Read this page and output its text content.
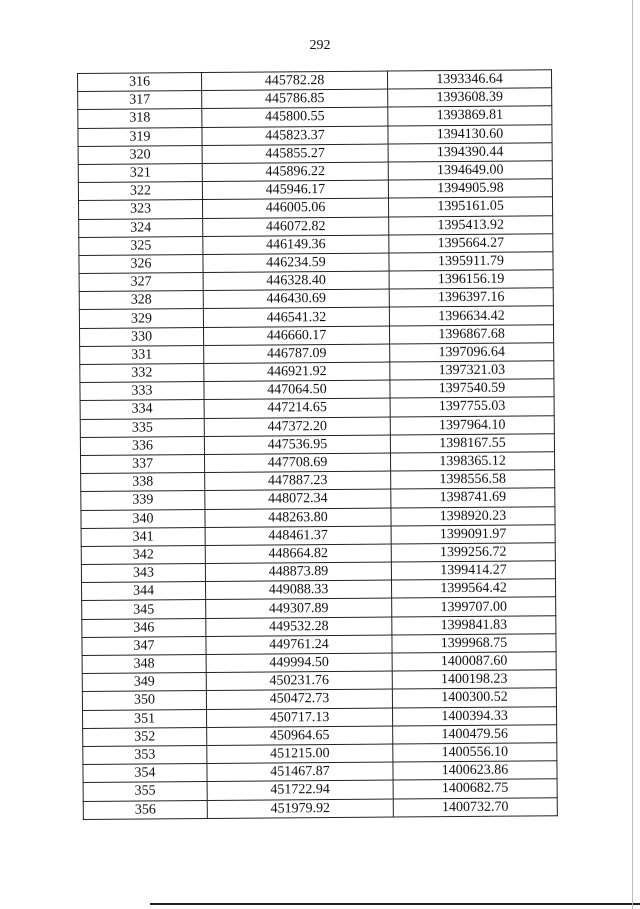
292
316	445782.28	1393346.64
317	445786.85	1393608.39
318	445800.55	1393869.81
319	445823.37	1394130.60
320	445855.27	1394390.44
321	445896.22	1394649.00
322	445946.17	1394905.98
323	446005.06	1395161.05
324	446072.82	1395413.92
325	446149.36	1395664.27
326	446234.59	1395911.79
327	446328.40	1396156.19
328	446430.69	1396397.16
329	446541.32	1396634.42
330	446660.17	1396867.68
331	446787.09	1397096.64
332	446921.92	1397321.03
333	447064.50	1397540.59
334	447214.65	1397755.03
335	447372.20	1397964.10
336	447536.95	1398167.55
337	447708.69	1398365.12
338	447887.23	1398556.58
339	448072.34	1398741.69
340	448263.80	1398920.23
341	448461.37	1399091.97
342	448664.82	1399256.72
343	448873.89	1399414.27
344	449088.33	1399564.42
345	449307.89	1399707.00
346	449532.28	1399841.83
347	449761.24	1399968.75
348	449994.50	1400087.60
349	450231.76	1400198.23
350	450472.73	1400300.52
351	450717.13	1400394.33
352	450964.65	1400479.56
353	451215.00	1400556.10
354	451467.87	1400623.86
355	451722.94	1400682.75
356	451979.92	1400732.70
